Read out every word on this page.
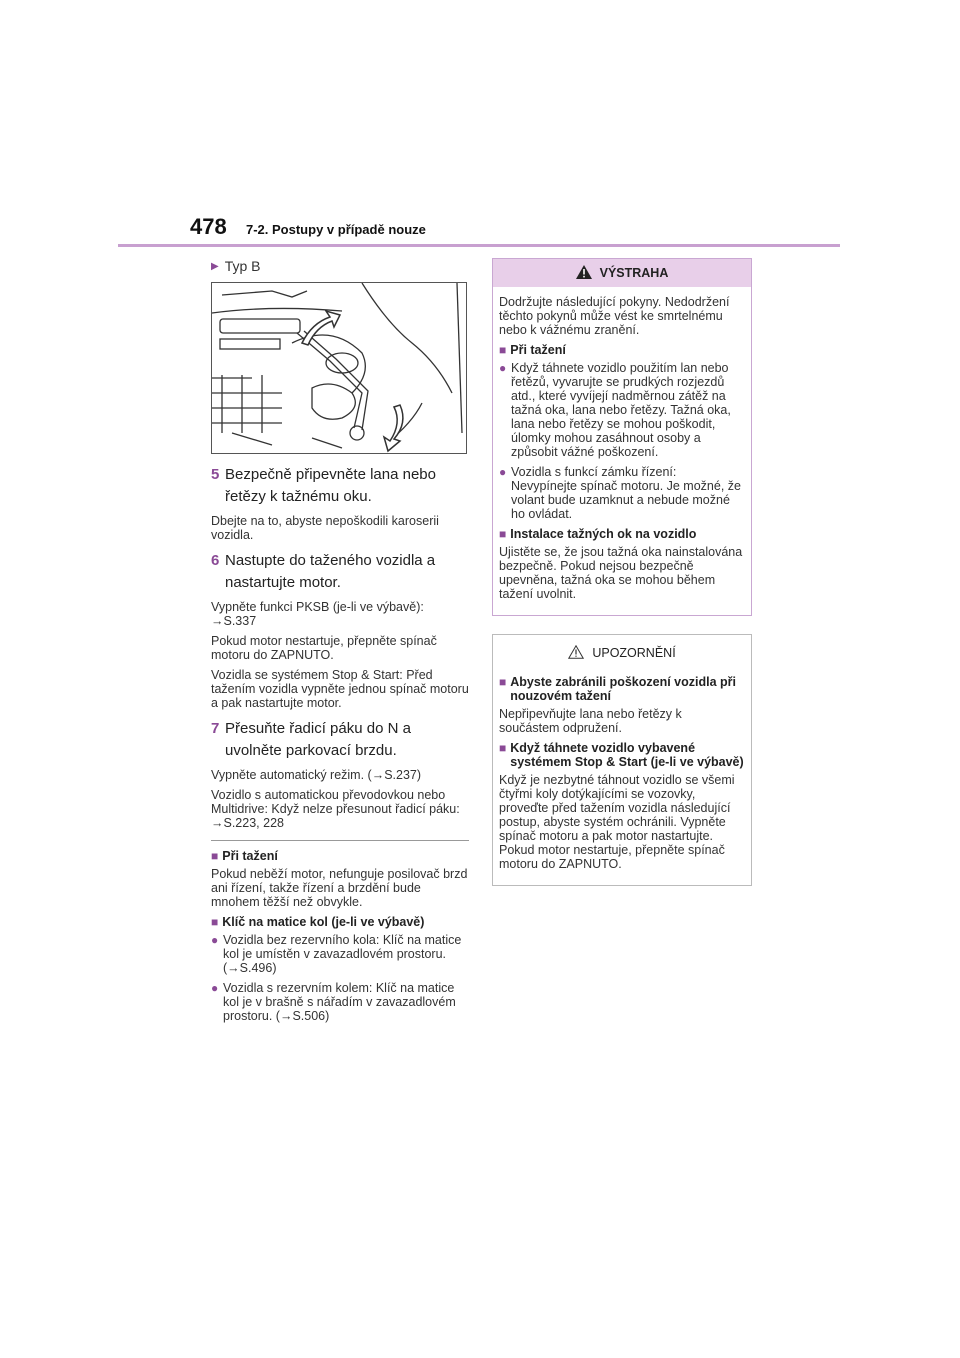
478	7-2. Postupy v případě nouze
▶ Typ B
5 Bezpečně připevněte lana nebo řetězy k tažnému oku.

Dbejte na to, abyste nepoškodili karoserii vozidla.

6 Nastupte do taženého vozidla a nastartujte motor.

Vypněte funkci PKSB (je-li ve výbavě): →S.337

Pokud motor nestartuje, přepněte spínač motoru do ZAPNUTO.

Vozidla se systémem Stop & Start: Před tažením vozidla vypněte jednou spínač motoru a pak nastartujte motor.

7 Přesuňte řadicí páku do N a uvolněte parkovací brzdu.

Vypněte automatický režim. (→S.237)

Vozidlo s automatickou převodovkou nebo Multidrive: Když nelze přesunout řadicí páku: →S.223, 228

■ Při tažení

Pokud neběží motor, nefunguje posilovač brzd ani řízení, takže řízení a brzdění bude mnohem těžší než obvykle.

■ Klíč na matice kol (je-li ve výbavě)
● Vozidla bez rezervního kola: Klíč na matice kol je umístěn v zavazadlovém prostoru. (→S.496)
● Vozidla s rezervním kolem: Klíč na matice kol je v brašně s nářadím v zavazadlovém prostoru. (→S.506)
VÝSTRAHA

Dodržujte následující pokyny. Nedodržení těchto pokynů může vést ke smrtelnému nebo k vážnému zranění.

■ Při tažení
● Když táhnete vozidlo použitím lan nebo řetězů, vyvarujte se prudkých rozjezdů atd., které vyvíjejí nadměrnou zátěž na tažná oka, lana nebo řetězy. Tažná oka, lana nebo řetězy se mohou poškodit, úlomky mohou zasáhnout osoby a způsobit vážné poškození.
● Vozidla s funkcí zámku řízení: Nevypínejte spínač motoru. Je možné, že volant bude uzamknut a nebude možné ho ovládat.
■ Instalace tažných ok na vozidlo

Ujistěte se, že jsou tažná oka nainstalována bezpečně. Pokud nejsou bezpečně upevněna, tažná oka se mohou během tažení uvolnit.

UPOZORNĚNÍ
■ Abyste zabránili poškození vozidla při nouzovém tažení

Nepřipevňujte lana nebo řetězy k součástem odpružení.

■ Když táhnete vozidlo vybavené systémem Stop & Start (je-li ve výbavě)

Když je nezbytné táhnout vozidlo se všemi čtyřmi koly dotýkajícími se vozovky, proveďte před tažením vozidla následující postup, abyste systém ochránili. Vypněte spínač motoru a pak motor nastartujte. Pokud motor nestartuje, přepněte spínač motoru do ZAPNUTO.
